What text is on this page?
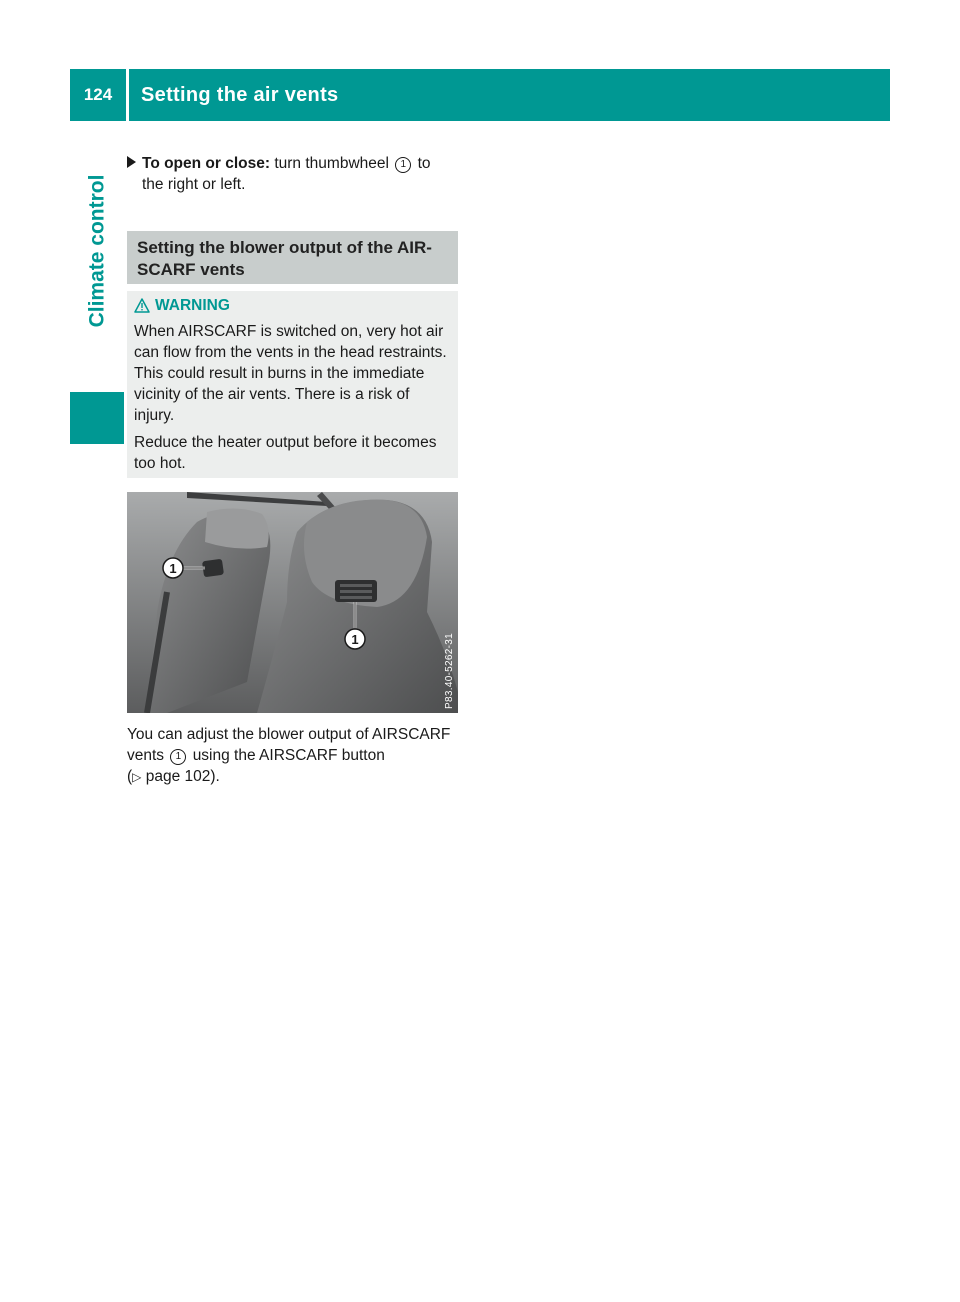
124	Setting the air vents
Climate control
To open or close: turn thumbwheel 1 to
the right or left.
Setting the blower output of the AIR-SCARF vents
WARNING

When AIRSCARF is switched on, very hot air can flow from the vents in the head restraints. This could result in burns in the immediate vicinity of the air vents. There is a risk of injury.

Reduce the heater output before it becomes too hot.

1
1	P83.40-5262-31
You can adjust the blower output of AIRSCARF vents 1 using the AIRSCARF button
(▷ page 102).
